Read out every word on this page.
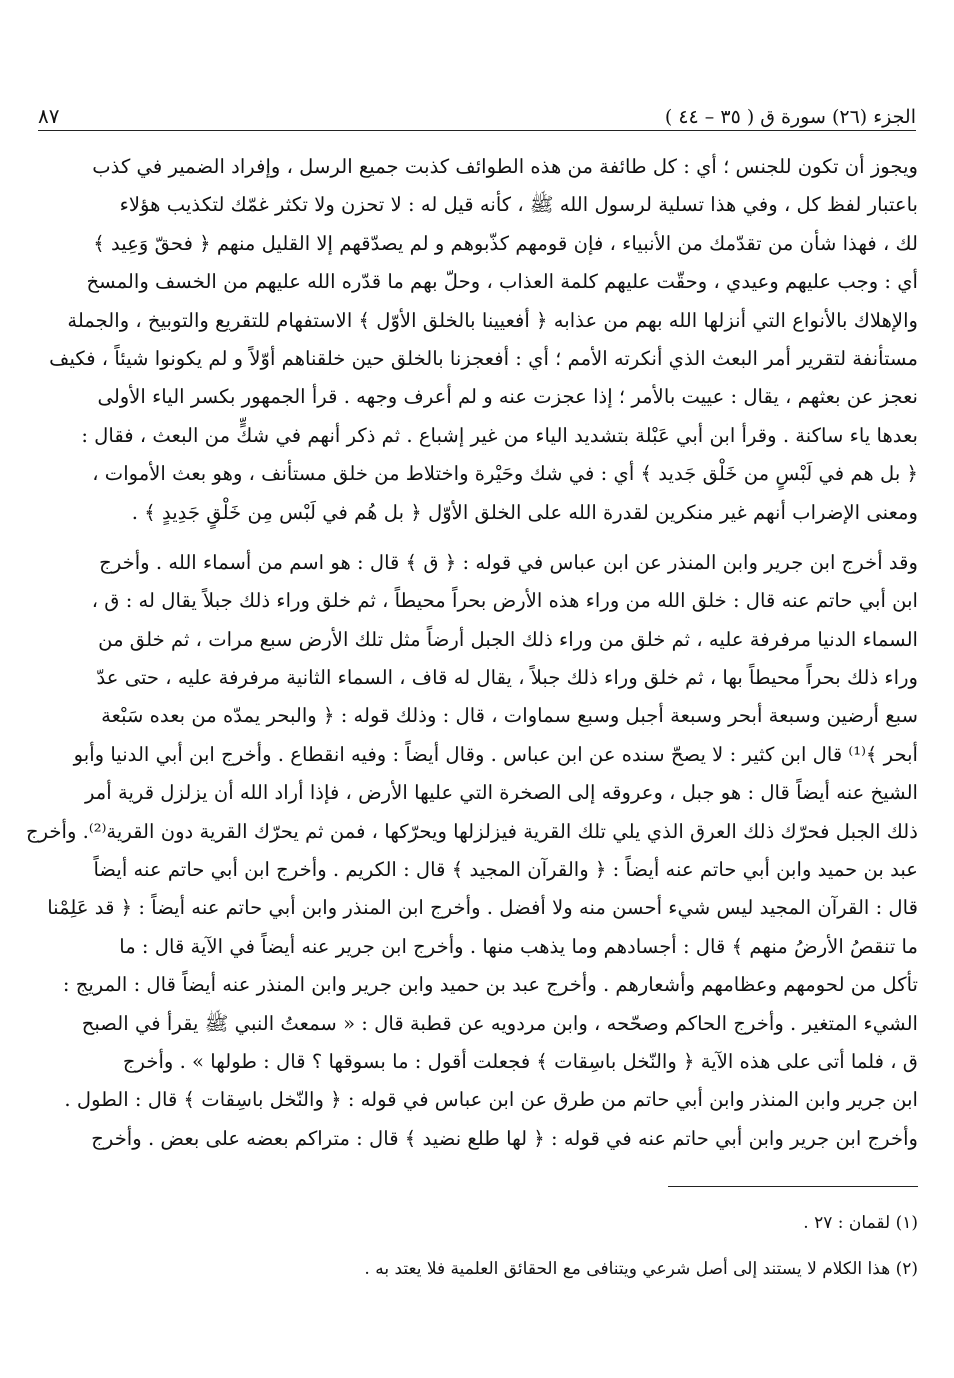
٨٧	الجزء (٢٦) سورة ق ( ٣٥ – ٤٤ )
ويجوز أن تكون للجنس ؛ أي : كل طائفة من هذه الطوائف كذبت جميع الرسل ، وإفراد الضمير في كذب
باعتبار لفظ كل ، وفي هذا تسلية لرسول الله ﷺ ، كأنه قيل له : لا تحزن ولا تكثر غمّك لتكذيب هؤلاء
لك ، فهذا شأن من تقدّمك من الأنبياء ، فإن قومهم كذّبوهم و لم يصدّقهم إلا القليل منهم ﴿ فحقّ وَعِيد ﴾
أي : وجب عليهم وعيدي ، وحقّت عليهم كلمة العذاب ، وحلّ بهم ما قدّره الله عليهم من الخسف والمسخ
والإهلاك بالأنواع التي أنزلها الله بهم من عذابه ﴿ أفعيينا بالخلق الأوّل ﴾ الاستفهام للتقريع والتوبيخ ، والجملة
مستأنفة لتقرير أمر البعث الذي أنكرته الأمم ؛ أي : أفعجزنا بالخلق حين خلقناهم أوّلاً و لم يكونوا شيئاً ، فكيف
نعجز عن بعثهم ، يقال : عييت بالأمر ؛ إذا عجزت عنه و لم أعرف وجهه . قرأ الجمهور بكسر الياء الأولى
بعدها ياء ساكنة . وقرأ ابن أبي عَبْلة بتشديد الياء من غير إشباع . ثم ذكر أنهم في شكٍّ من البعث ، فقال :
﴿ بل هم في لَبْسٍ من خَلْق جَديد ﴾ أي : في شك وحَيْرة واختلاط من خلق مستأنف ، وهو بعث الأموات ،
ومعنى الإضراب أنهم غير منكرين لقدرة الله على الخلق الأوّل ﴿ بل هُم في لَبْس مِن خَلْقٍ جَدِيدٍ ﴾ .
وقد أخرج ابن جرير وابن المنذر عن ابن عباس في قوله : ﴿ ق ﴾ قال : هو اسم من أسماء الله . وأخرج
ابن أبي حاتم عنه قال : خلق الله من وراء هذه الأرض بحراً محيطاً ، ثم خلق وراء ذلك جبلاً يقال له : ق ،
السماء الدنيا مرفرفة عليه ، ثم خلق من وراء ذلك الجبل أرضاً مثل تلك الأرض سبع مرات ، ثم خلق من
وراء ذلك بحراً محيطاً بها ، ثم خلق وراء ذلك جبلاً ، يقال له قاف ، السماء الثانية مرفرفة عليه ، حتى عدّ
سبع أرضين وسبعة أبحر وسبعة أجبل وسبع سماوات ، قال : وذلك قوله : ﴿ والبحر يمدّه من بعده سَبْعة
أبحر ﴾⁽¹⁾ قال ابن كثير : لا يصحّ سنده عن ابن عباس . وقال أيضاً : وفيه انقطاع . وأخرج ابن أبي الدنيا وأبو
الشيخ عنه أيضاً قال : هو جبل ، وعروقه إلى الصخرة التي عليها الأرض ، فإذا أراد الله أن يزلزل قرية أمر
ذلك الجبل فحرّك ذلك العرق الذي يلي تلك القرية فيزلزلها ويحرّكها ، فمن ثم يحرّك القرية دون القرية⁽²⁾. وأخرج
عبد بن حميد وابن أبي حاتم عنه أيضاً : ﴿ والقرآن المجيد ﴾ قال : الكريم . وأخرج ابن أبي حاتم عنه أيضاً
قال : القرآن المجيد ليس شيء أحسن منه ولا أفضل . وأخرج ابن المنذر وابن أبي حاتم عنه أيضاً : ﴿ قد عَلِمْنا
ما تنقصُ الأرضُ منهم ﴾ قال : أجسادهم وما يذهب منها . وأخرج ابن جرير عنه أيضاً في الآية قال : ما
تأكل من لحومهم وعظامهم وأشعارهم . وأخرج عبد بن حميد وابن جرير وابن المنذر عنه أيضاً قال : المريج :
الشيء المتغير . وأخرج الحاكم وصحّحه ، وابن مردويه عن قطبة قال : « سمعتُ النبي ﷺ يقرأ في الصبح
ق ، فلما أتى على هذه الآية ﴿ والنّخل باسِقات ﴾ فجعلت أقول : ما بسوقها ؟ قال : طولها » . وأخرج
ابن جرير وابن المنذر وابن أبي حاتم من طرق عن ابن عباس في قوله : ﴿ والنّخل باسِقات ﴾ قال : الطول .
وأخرج ابن جرير وابن أبي حاتم عنه في قوله : ﴿ لها طلع نضيد ﴾ قال : متراكم بعضه على بعض . وأخرج
(١) لقمان : ٢٧ .
(٢) هذا الكلام لا يستند إلى أصل شرعي ويتنافى مع الحقائق العلمية فلا يعتد به .
